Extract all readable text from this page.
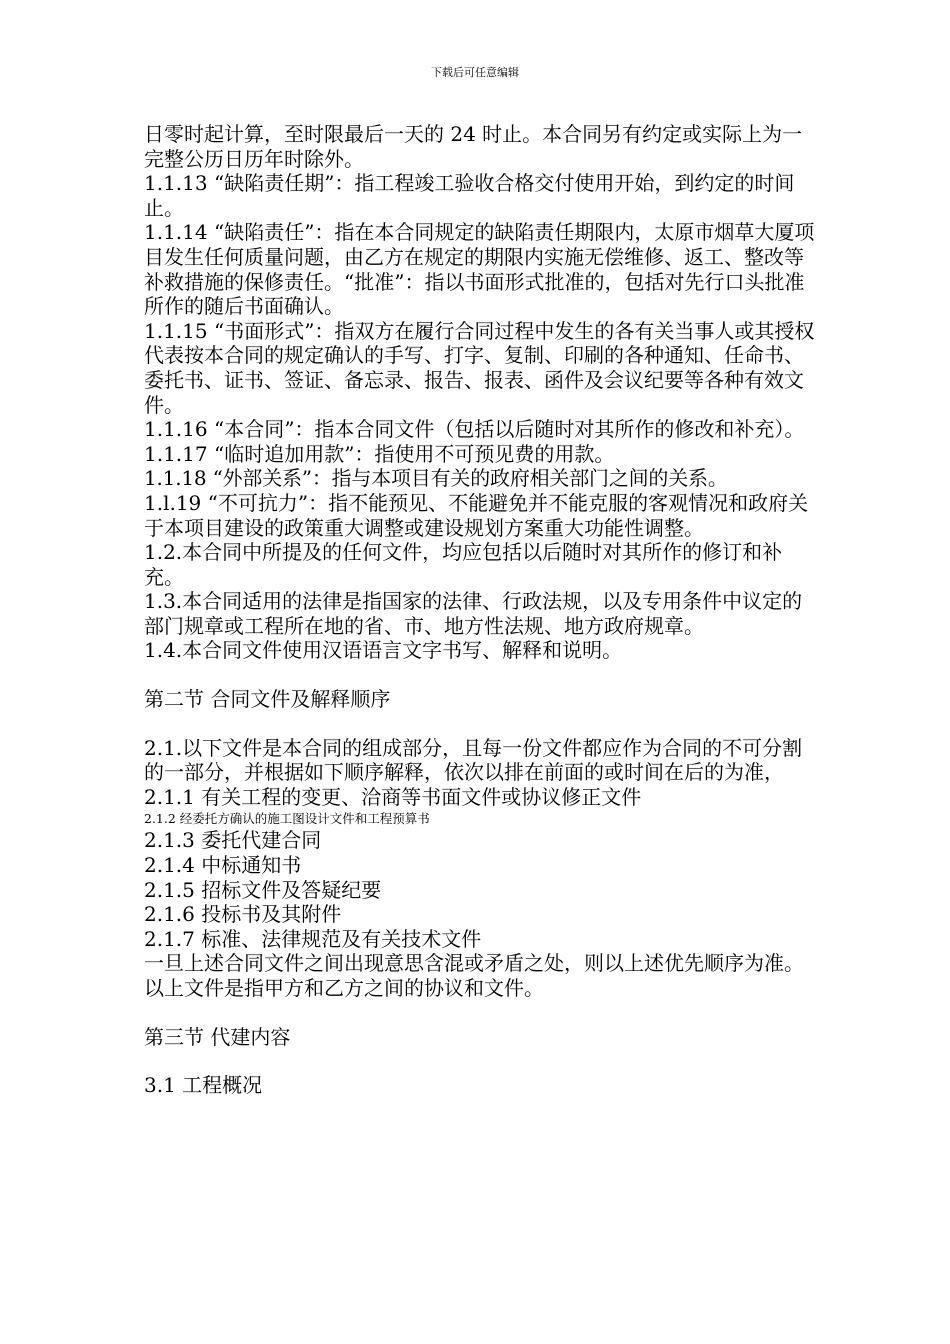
下载后可任意编辑

日零时起计算，至时限最后一天的 24 时止。本合同另有约定或实际上为一完整公历日历年时除外。

1.1.13 “缺陷责任期”：指工程竣工验收合格交付使用开始，到约定的时间止。

1.1.14 “缺陷责任”：指在本合同规定的缺陷责任期限内，太原市烟草大厦项目发生任何质量问题，由乙方在规定的期限内实施无偿维修、返工、整改等补救措施的保修责任。“批准”：指以书面形式批准的，包括对先行口头批准所作的随后书面确认。

1.1.15 “书面形式”：指双方在履行合同过程中发生的各有关当事人或其授权代表按本合同的规定确认的手写、打字、复制、印刷的各种通知、任命书、委托书、证书、签证、备忘录、报告、报表、函件及会议纪要等各种有效文件。

1.1.16 “本合同”：指本合同文件（包括以后随时对其所作的修改和补充）。

1.1.17 “临时追加用款”：指使用不可预见费的用款。

1.1.18 “外部关系”：指与本项目有关的政府相关部门之间的关系。

1.l.19 “不可抗力”：指不能预见、不能避免并不能克服的客观情况和政府关于本项目建设的政策重大调整或建设规划方案重大功能性调整。

1.2.本合同中所提及的任何文件，均应包括以后随时对其所作的修订和补充。

1.3.本合同适用的法律是指国家的法律、行政法规，以及专用条件中议定的部门规章或工程所在地的省、市、地方性法规、地方政府规章。

1.4.本合同文件使用汉语语言文字书写、解释和说明。

第二节 合同文件及解释顺序

2.1.以下文件是本合同的组成部分，且每一份文件都应作为合同的不可分割的一部分，并根据如下顺序解释，依次以排在前面的或时间在后的为准，

2.1.1 有关工程的变更、洽商等书面文件或协议修正文件

2.1.2 经委托方确认的施工图设计文件和工程预算书

2.1.3 委托代建合同

2.1.4 中标通知书

2.1.5 招标文件及答疑纪要

2.1.6 投标书及其附件

2.1.7 标准、法律规范及有关技术文件

一旦上述合同文件之间出现意思含混或矛盾之处，则以上述优先顺序为准。以上文件是指甲方和乙方之间的协议和文件。

第三节 代建内容

3.1 工程概况
